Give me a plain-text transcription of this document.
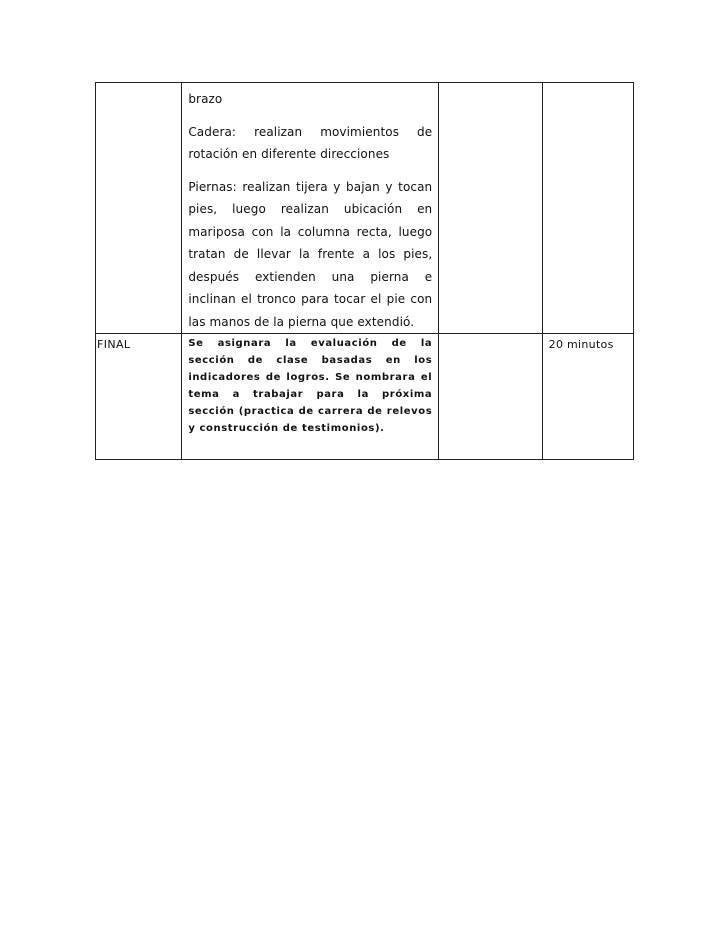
	brazo

Cadera: realizan movimientos de rotación en diferente direcciones

Piernas: realizan tijera y bajan y tocan pies, luego realizan ubicación en mariposa con la columna recta, luego tratan de llevar la frente a los pies, después extienden una pierna e inclinan el tronco para tocar el pie con las manos de la pierna que extendió.		

FINAL	Se asignara la evaluación de la sección de clase basadas en los indicadores de logros. Se nombrara el tema a trabajar para la próxima sección (practica de carrera de relevos y construcción de testimonios).		20 minutos
